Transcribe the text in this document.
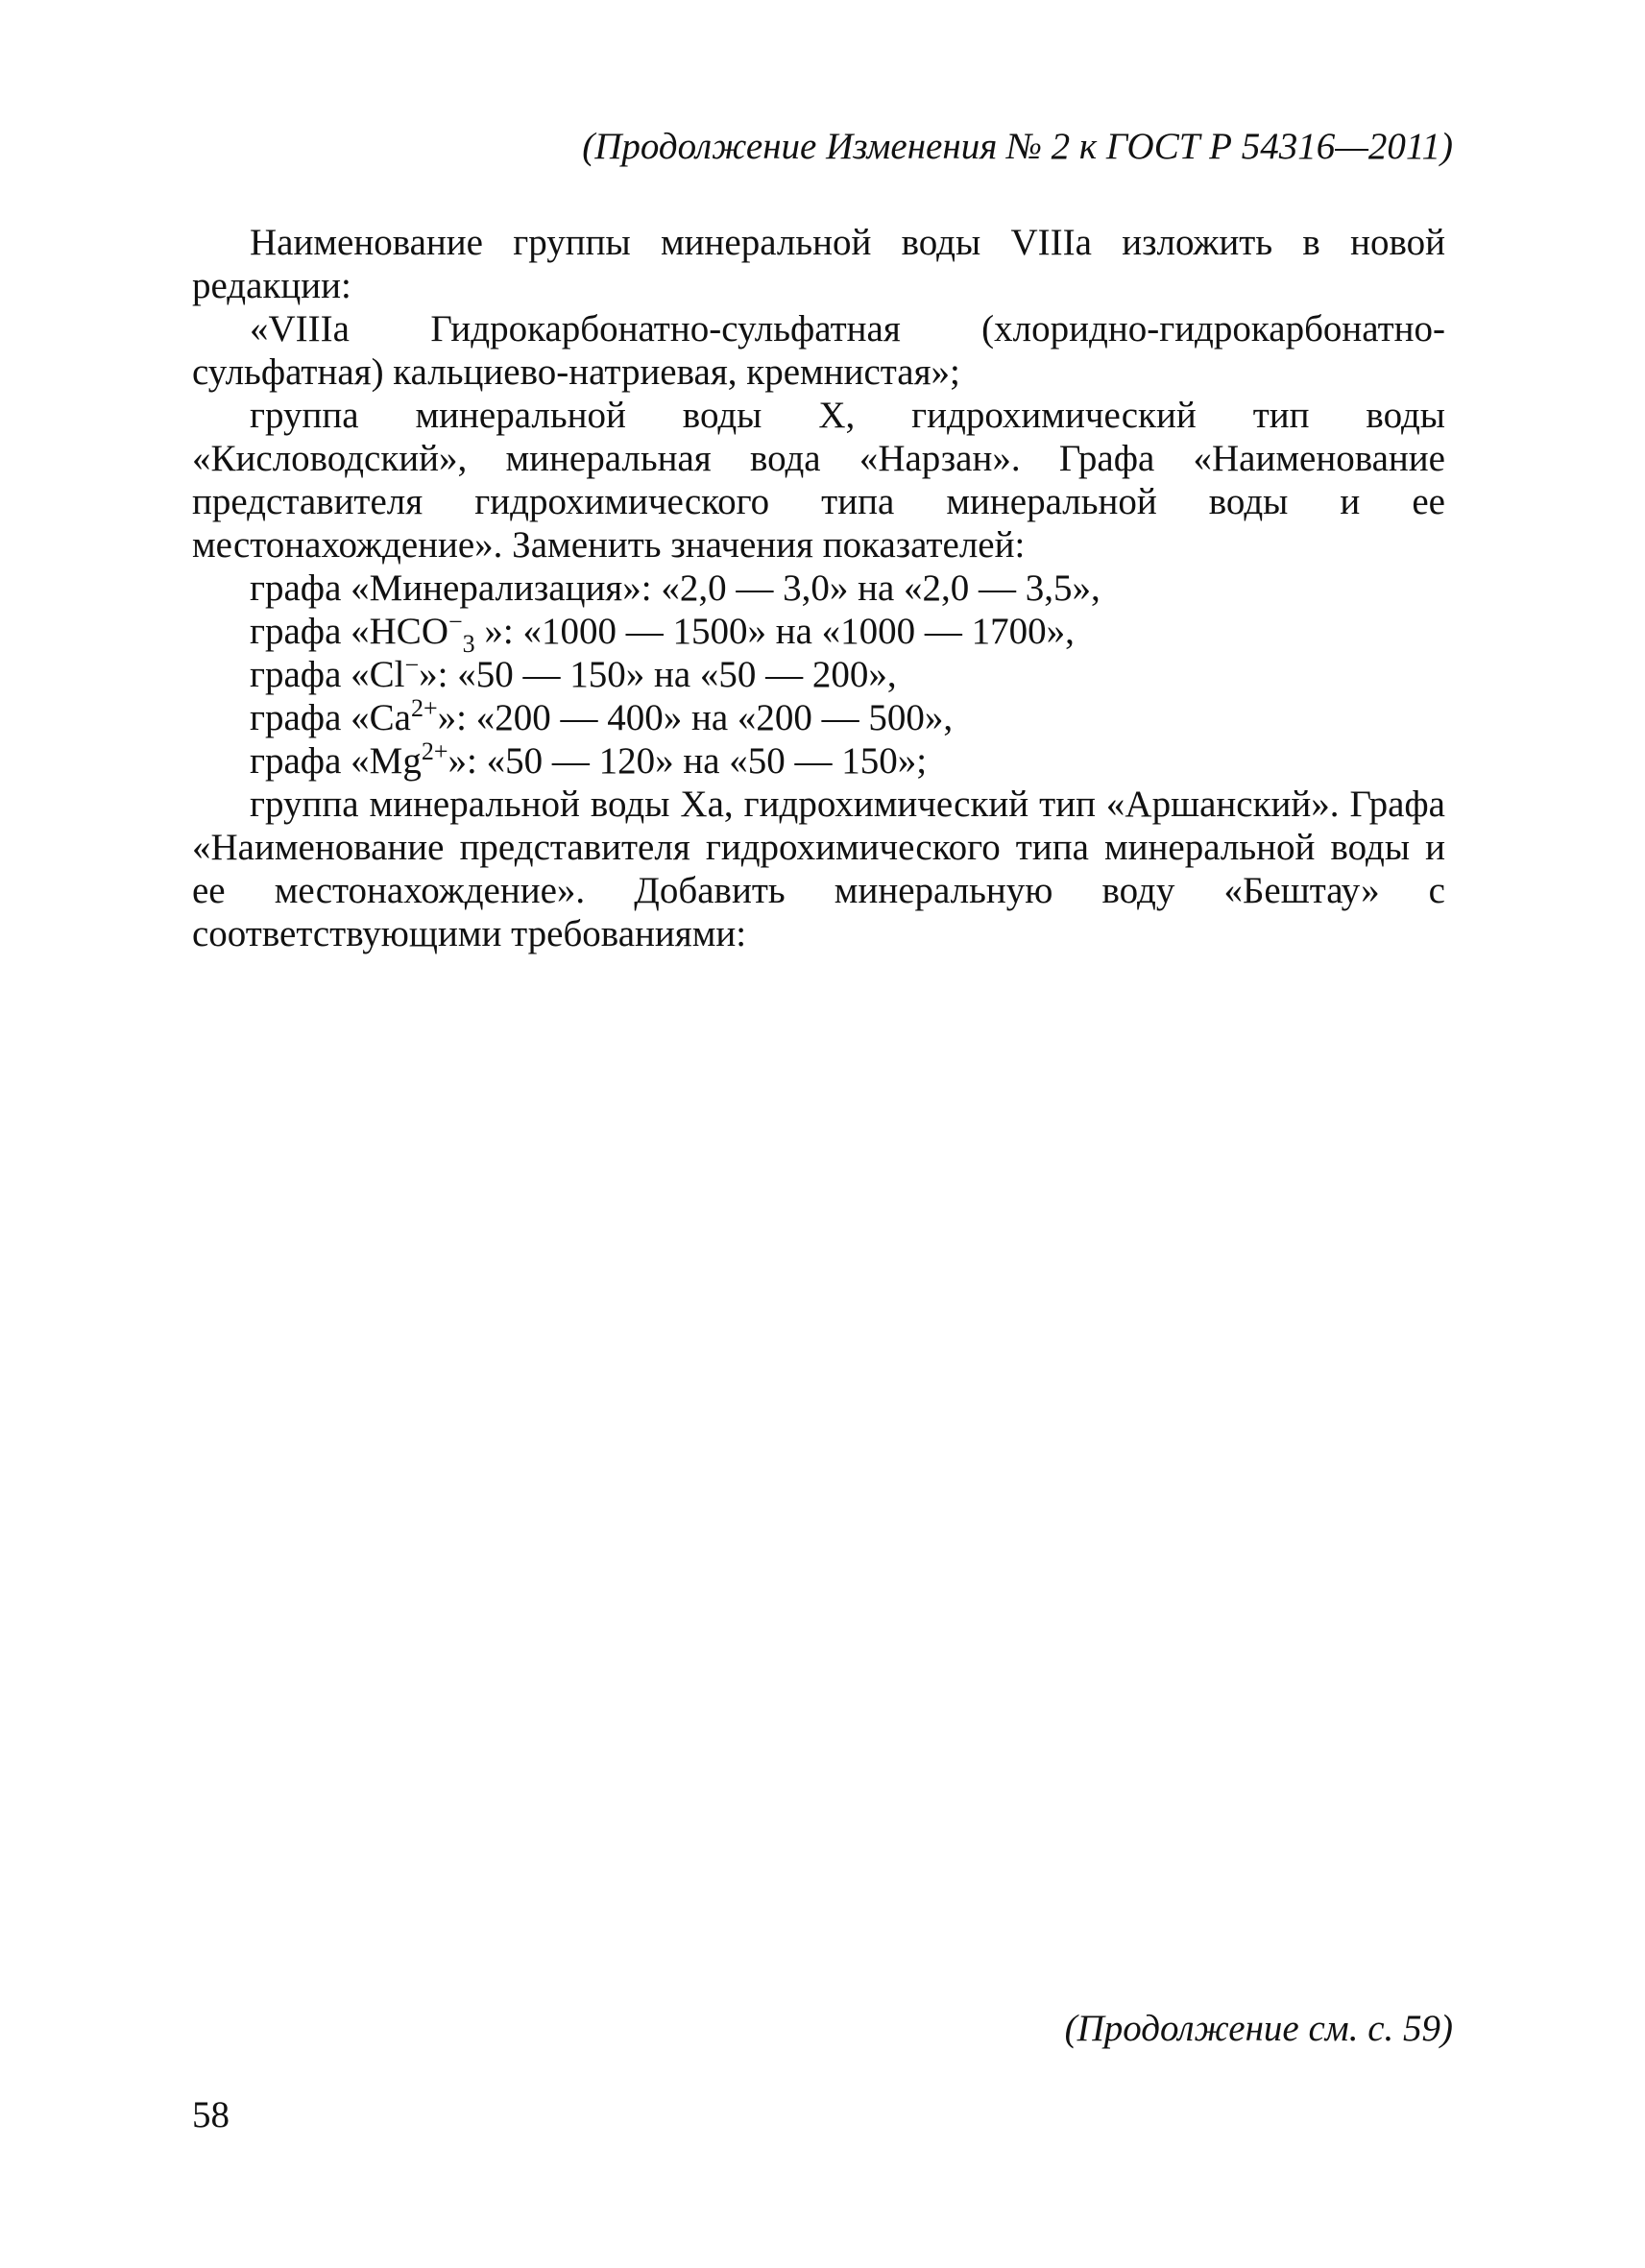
(Продолжение Изменения № 2 к ГОСТ Р 54316—2011)

Наименование группы минеральной воды VIIIa изложить в новой редакции:

«VIIIa Гидрокарбонатно-сульфатная (хлоридно-гидрокарбонатно-сульфатная) кальциево-натриевая, кремнистая»;

группа минеральной воды X, гидрохимический тип воды «Кисловодский», минеральная вода «Нарзан». Графа «Наименование представителя гидрохимического типа минеральной воды и ее местонахождение». Заменить значения показателей:

графа «Минерализация»: «2,0 — 3,0» на «2,0 — 3,5»,

графа «$HCO^-_3$ »: «1000 — 1500» на «1000 — 1700»,

графа «Cl−»: «50 — 150» на «50 — 200»,

графа «$Ca^{2+}$»: «200 — 400» на «200 — 500»,

графа «$Mg^{2+}$»: «50 — 120» на «50 — 150»;

группа минеральной воды Xa, гидрохимический тип «Аршанский». Графа «Наименование представителя гидрохимического типа минеральной воды и ее местонахождение». Добавить минеральную воду «Бештау» с соответствующими требованиями:

(Продолжение см. с. 59)
58
